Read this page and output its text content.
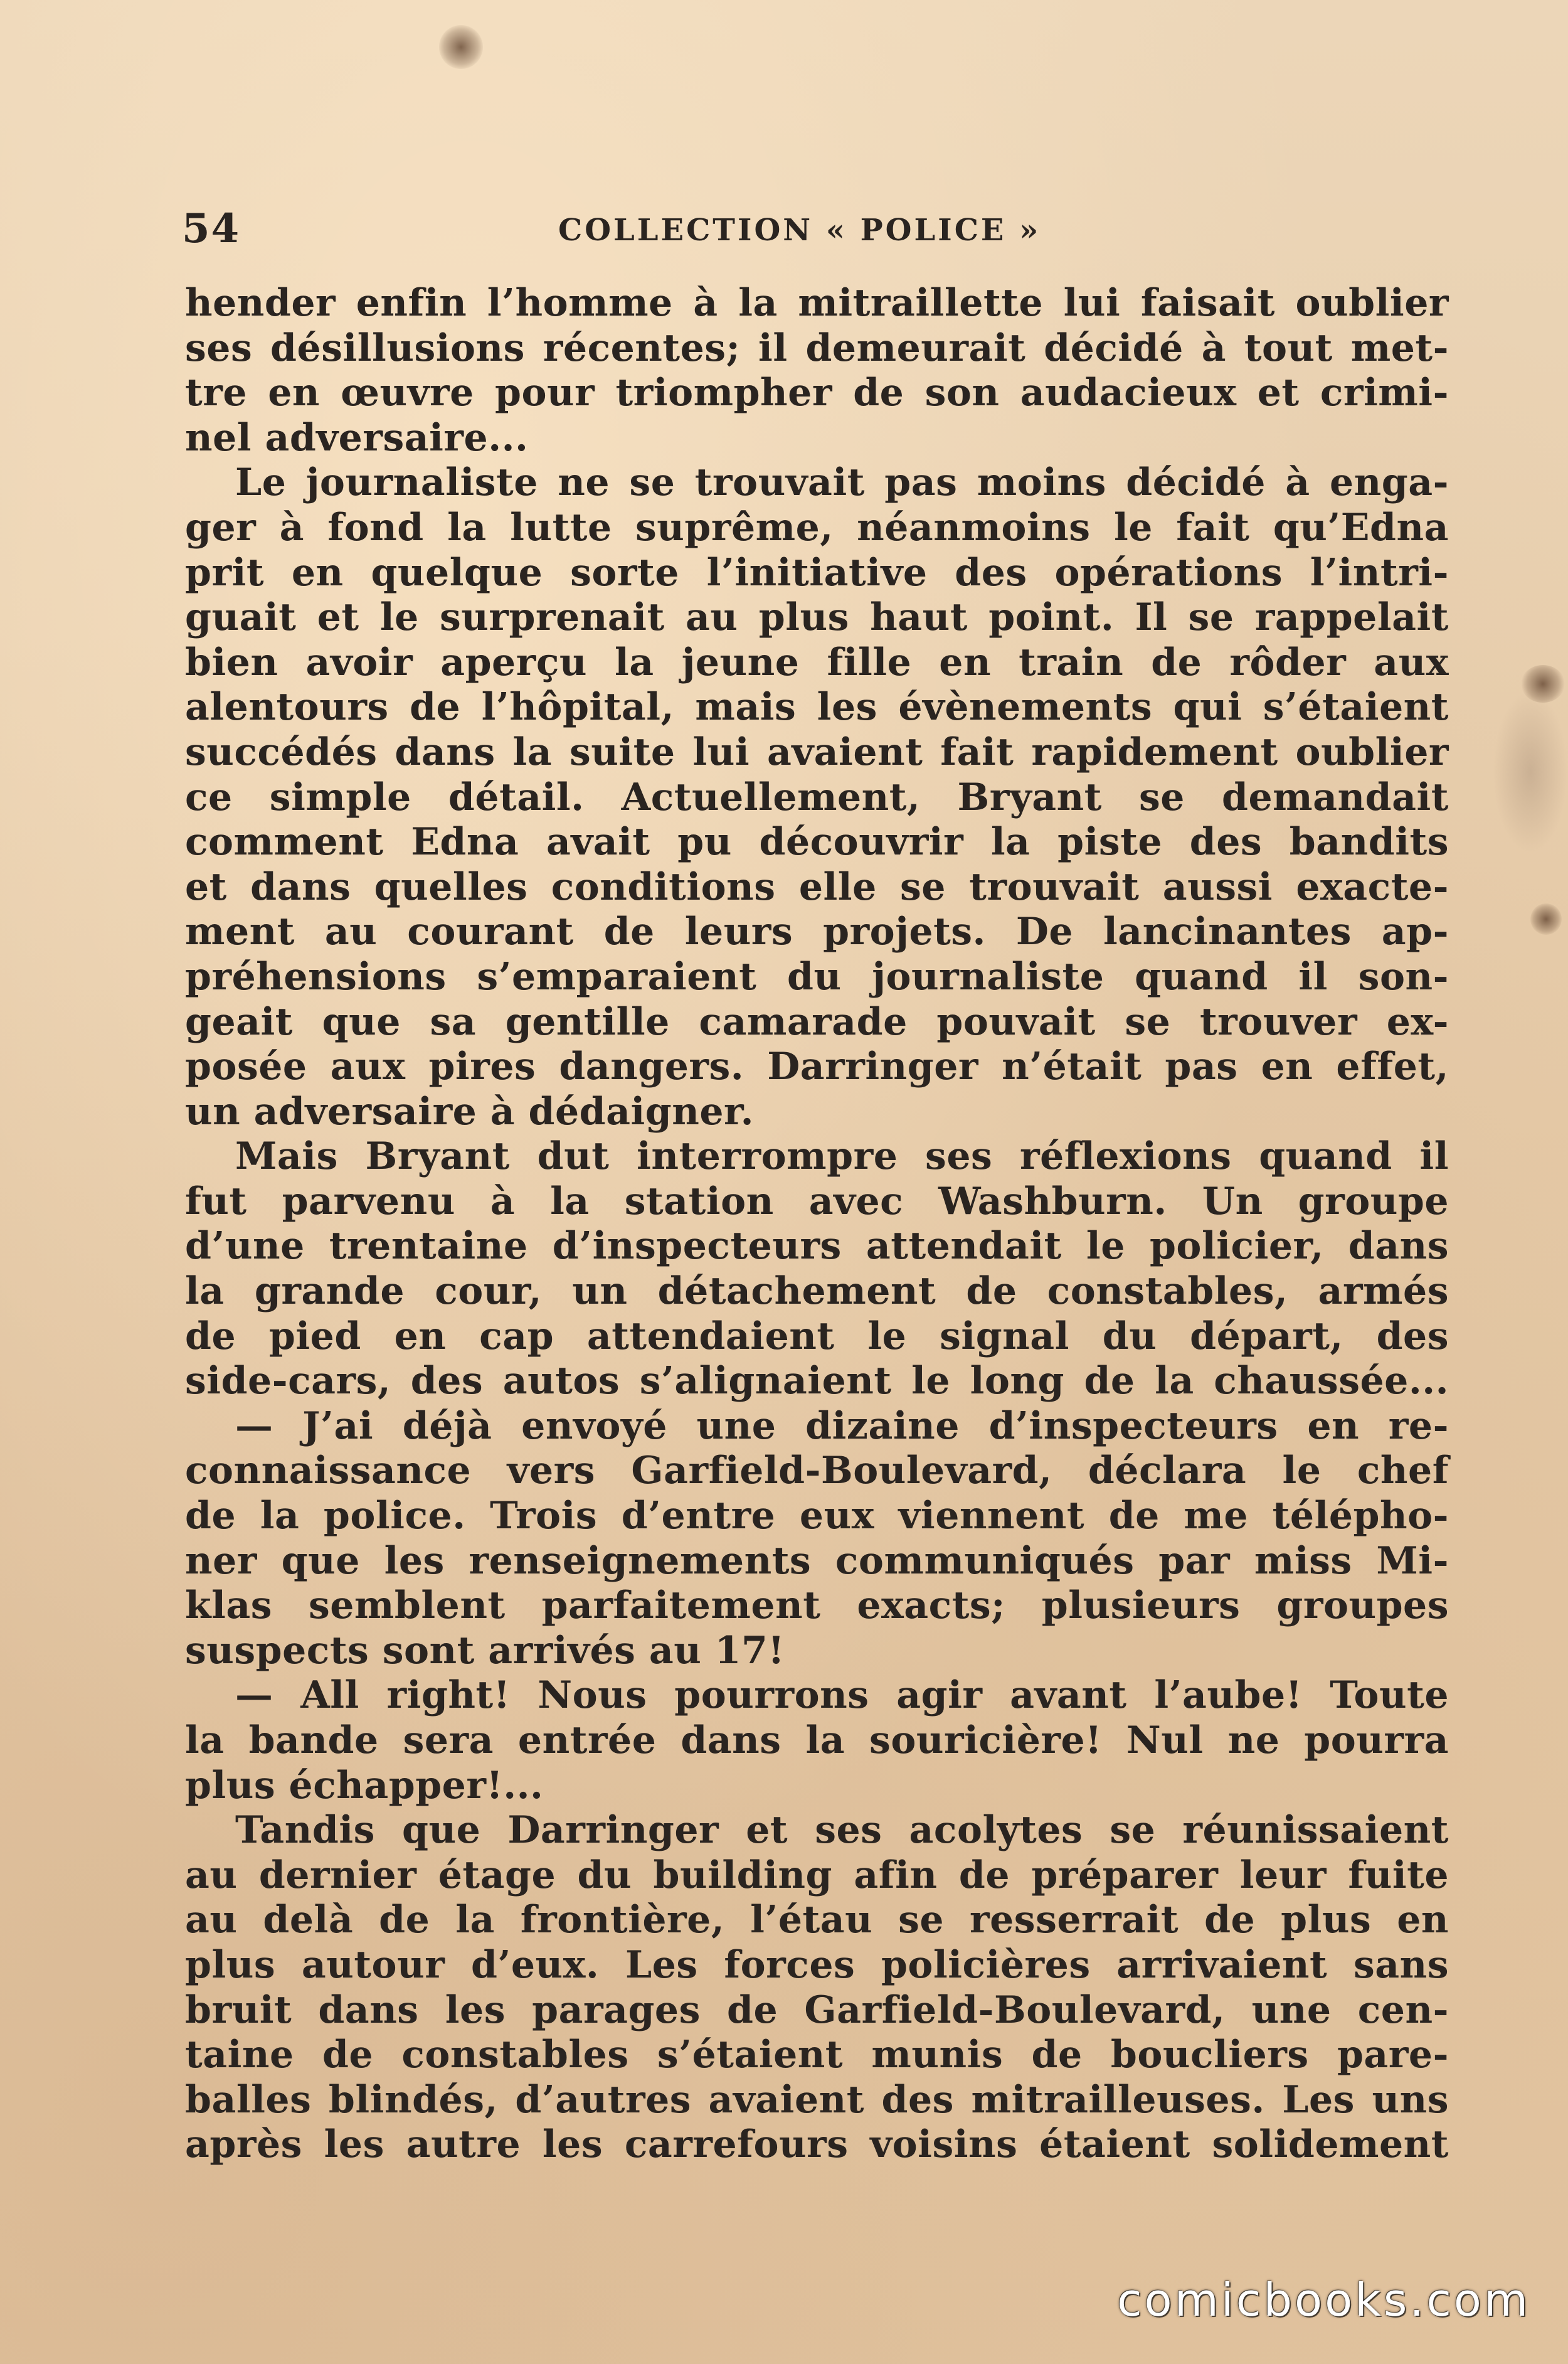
54	COLLECTION « POLICE »
hender enfin l’homme à la mitraillette lui faisait oublier
ses désillusions récentes; il demeurait décidé à tout met-
tre en œuvre pour triompher de son audacieux et crimi-
nel adversaire...
Le journaliste ne se trouvait pas moins décidé à enga-
ger à fond la lutte suprême, néanmoins le fait qu’Edna
prit en quelque sorte l’initiative des opérations l’intri-
guait et le surprenait au plus haut point. Il se rappelait
bien avoir aperçu la jeune fille en train de rôder aux
alentours de l’hôpital, mais les évènements qui s’étaient
succédés dans la suite lui avaient fait rapidement oublier
ce simple détail. Actuellement, Bryant se demandait
comment Edna avait pu découvrir la piste des bandits
et dans quelles conditions elle se trouvait aussi exacte-
ment au courant de leurs projets. De lancinantes ap-
préhensions s’emparaient du journaliste quand il son-
geait que sa gentille camarade pouvait se trouver ex-
posée aux pires dangers. Darringer n’était pas en effet,
un adversaire à dédaigner.
Mais Bryant dut interrompre ses réflexions quand il
fut parvenu à la station avec Washburn. Un groupe
d’une trentaine d’inspecteurs attendait le policier, dans
la grande cour, un détachement de constables, armés
de pied en cap attendaient le signal du départ, des
side-cars, des autos s’alignaient le long de la chaussée...
— J’ai déjà envoyé une dizaine d’inspecteurs en re-
connaissance vers Garfield-Boulevard, déclara le chef
de la police. Trois d’entre eux viennent de me télépho-
ner que les renseignements communiqués par miss Mi-
klas semblent parfaitement exacts; plusieurs groupes
suspects sont arrivés au 17!
— All right! Nous pourrons agir avant l’aube! Toute
la bande sera entrée dans la souricière! Nul ne pourra
plus échapper!...
Tandis que Darringer et ses acolytes se réunissaient
au dernier étage du building afin de préparer leur fuite
au delà de la frontière, l’étau se resserrait de plus en
plus autour d’eux. Les forces policières arrivaient sans
bruit dans les parages de Garfield-Boulevard, une cen-
taine de constables s’étaient munis de boucliers pare-
balles blindés, d’autres avaient des mitrailleuses. Les uns
après les autre les carrefours voisins étaient solidement
comicbooks.com
